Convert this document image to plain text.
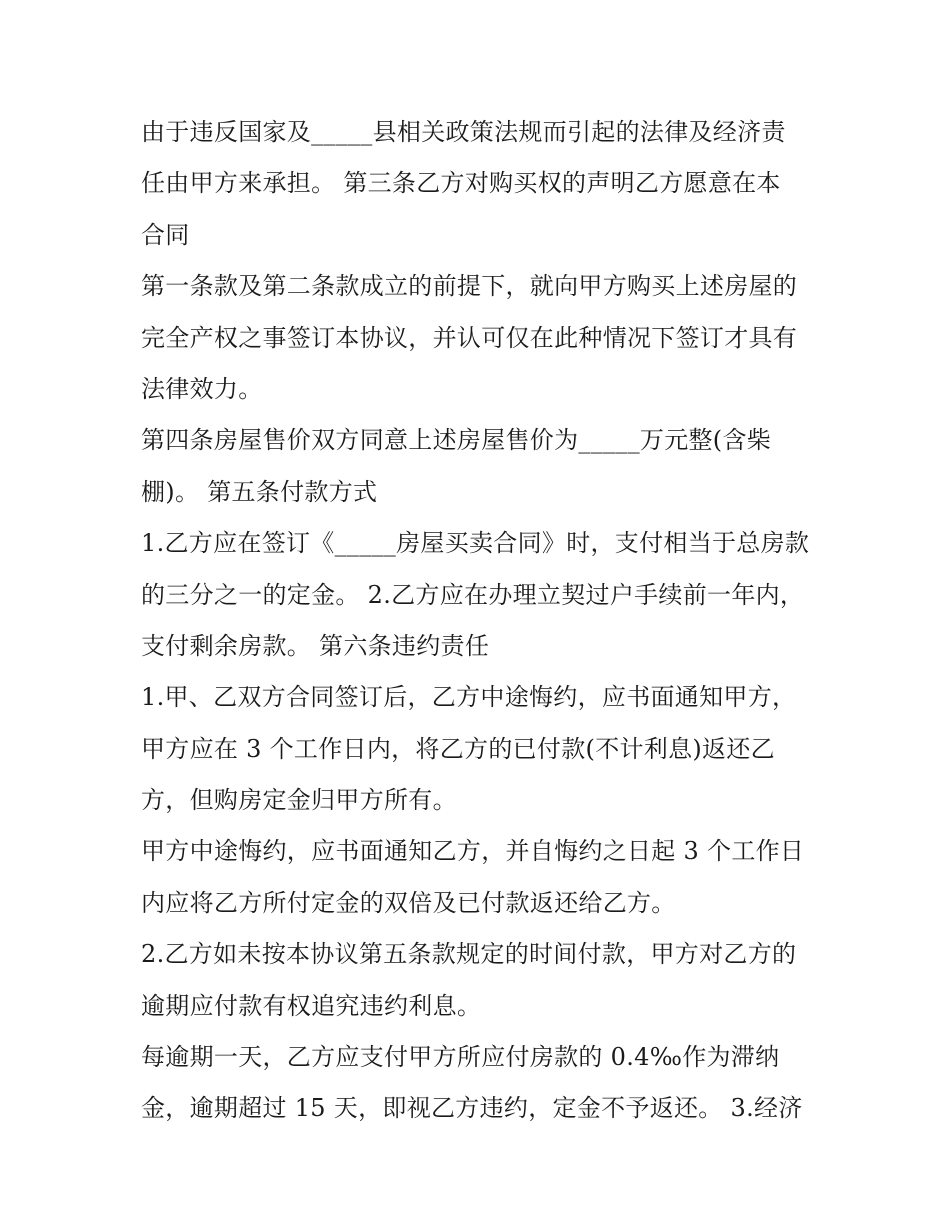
由于违反国家及_____县相关政策法规而引起的法律及经济责
任由甲方来承担。 第三条乙方对购买权的声明乙方愿意在本
合同
第一条款及第二条款成立的前提下，就向甲方购买上述房屋的
完全产权之事签订本协议，并认可仅在此种情况下签订才具有
法律效力。
第四条房屋售价双方同意上述房屋售价为_____万元整(含柴
棚)。 第五条付款方式
1.乙方应在签订《_____房屋买卖合同》时，支付相当于总房款
的三分之一的定金。 2.乙方应在办理立契过户手续前一年内，
支付剩余房款。 第六条违约责任
1.甲、乙双方合同签订后，乙方中途悔约，应书面通知甲方，
甲方应在 3 个工作日内，将乙方的已付款(不计利息)返还乙
方，但购房定金归甲方所有。
甲方中途悔约，应书面通知乙方，并自悔约之日起 3 个工作日
内应将乙方所付定金的双倍及已付款返还给乙方。
2.乙方如未按本协议第五条款规定的时间付款，甲方对乙方的
逾期应付款有权追究违约利息。
每逾期一天，乙方应支付甲方所应付房款的 0.4‰作为滞纳
金，逾期超过 15 天，即视乙方违约，定金不予返还。 3.经济
